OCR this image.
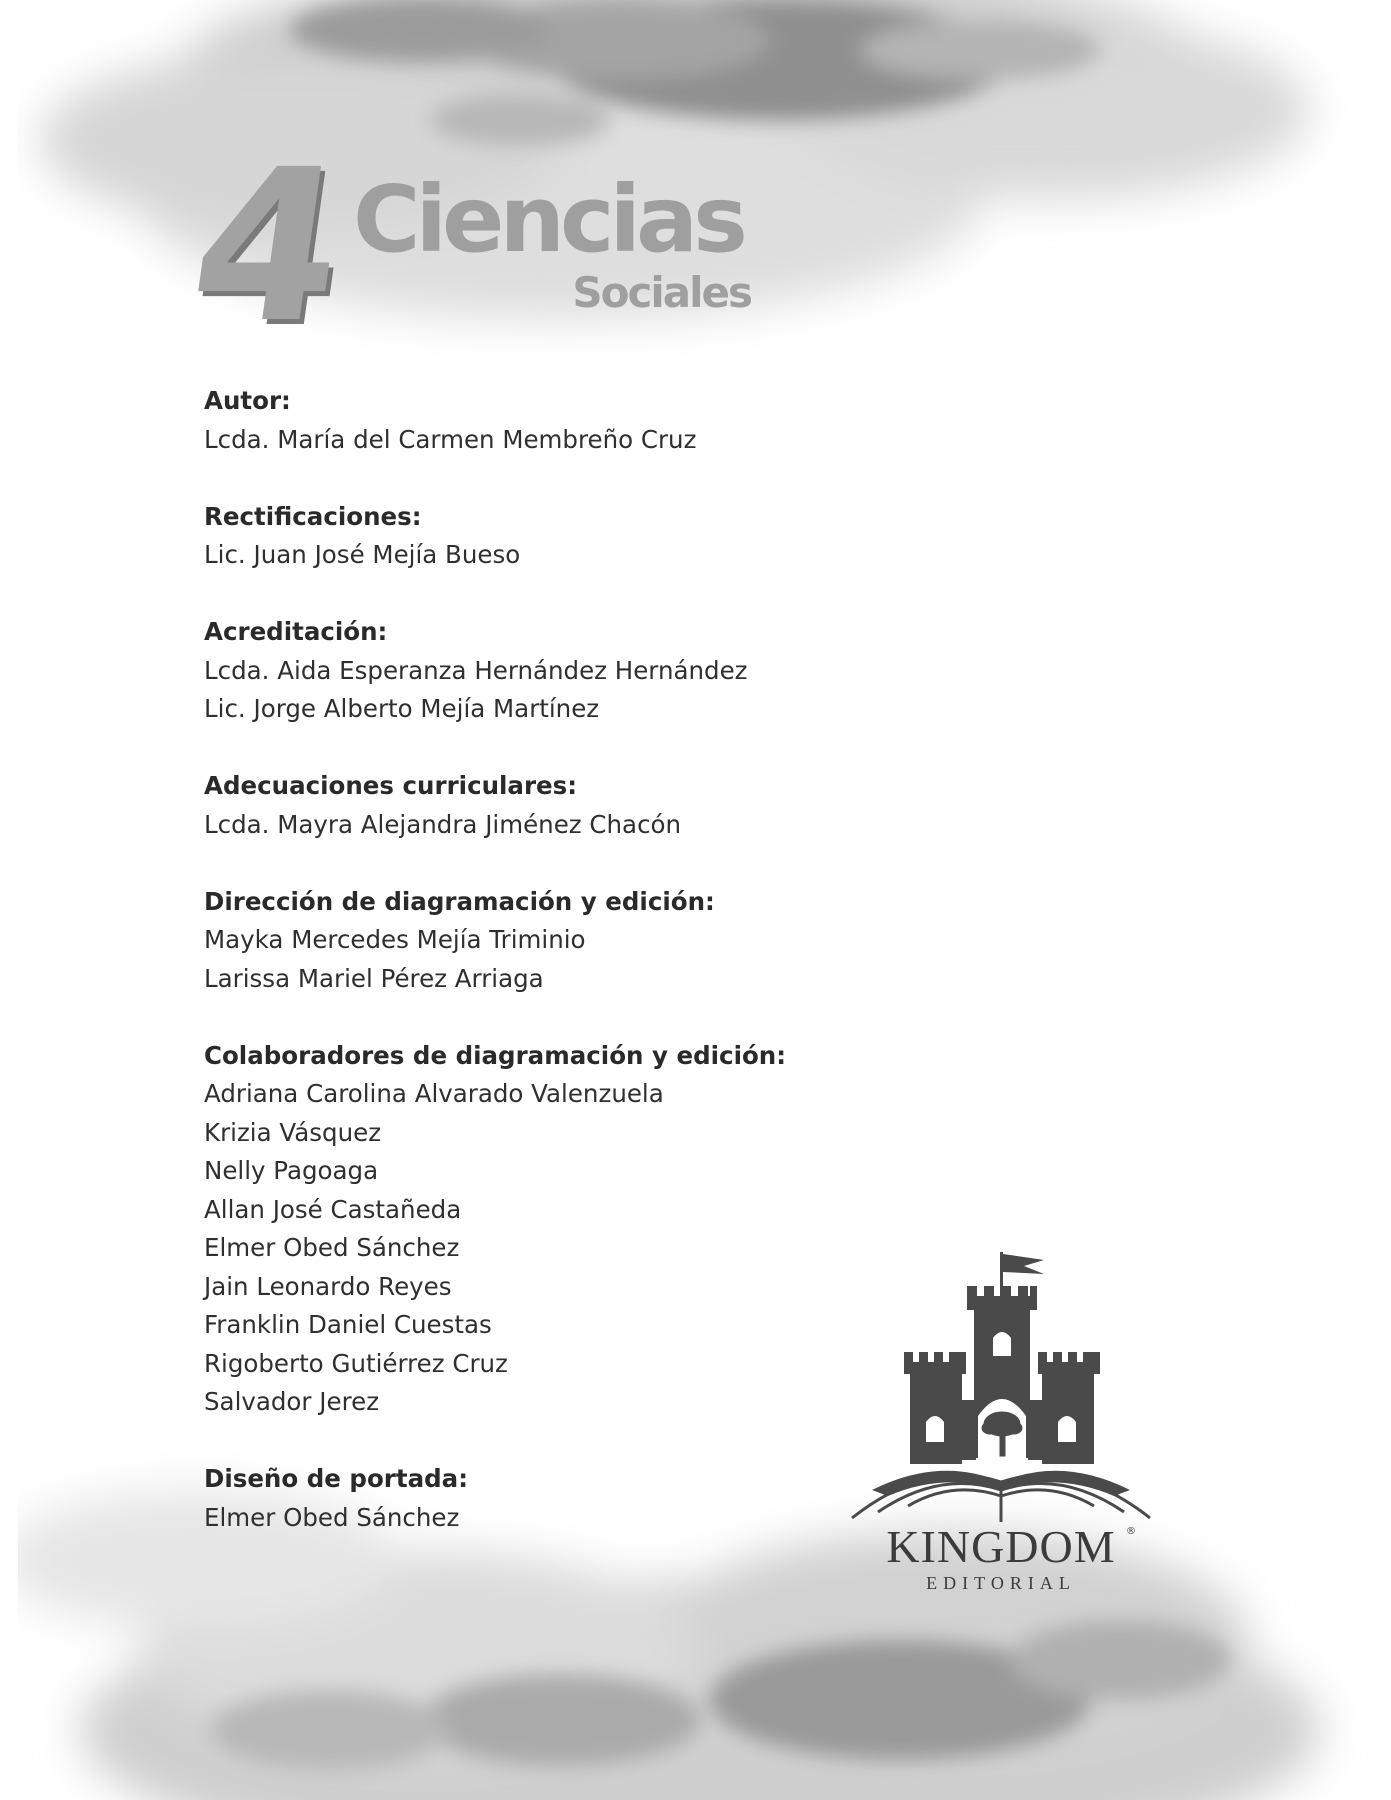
4
Ciencias
Sociales
Autor:
Lcda. María del Carmen Membreño Cruz
Rectificaciones:
Lic. Juan José Mejía Bueso
Acreditación:
Lcda. Aida Esperanza Hernández Hernández
Lic. Jorge Alberto Mejía Martínez
Adecuaciones curriculares:
Lcda. Mayra Alejandra Jiménez Chacón
Dirección de diagramación y edición:
Mayka Mercedes Mejía Triminio
Larissa Mariel Pérez Arriaga
Colaboradores de diagramación y edición:
Adriana Carolina Alvarado Valenzuela
Krizia Vásquez
Nelly Pagoaga
Allan José Castañeda
Elmer Obed Sánchez
Jain Leonardo Reyes
Franklin Daniel Cuestas
Rigoberto Gutiérrez Cruz
Salvador Jerez
Diseño de portada:
Elmer Obed Sánchez
KINGDOM	®
EDITORIAL
